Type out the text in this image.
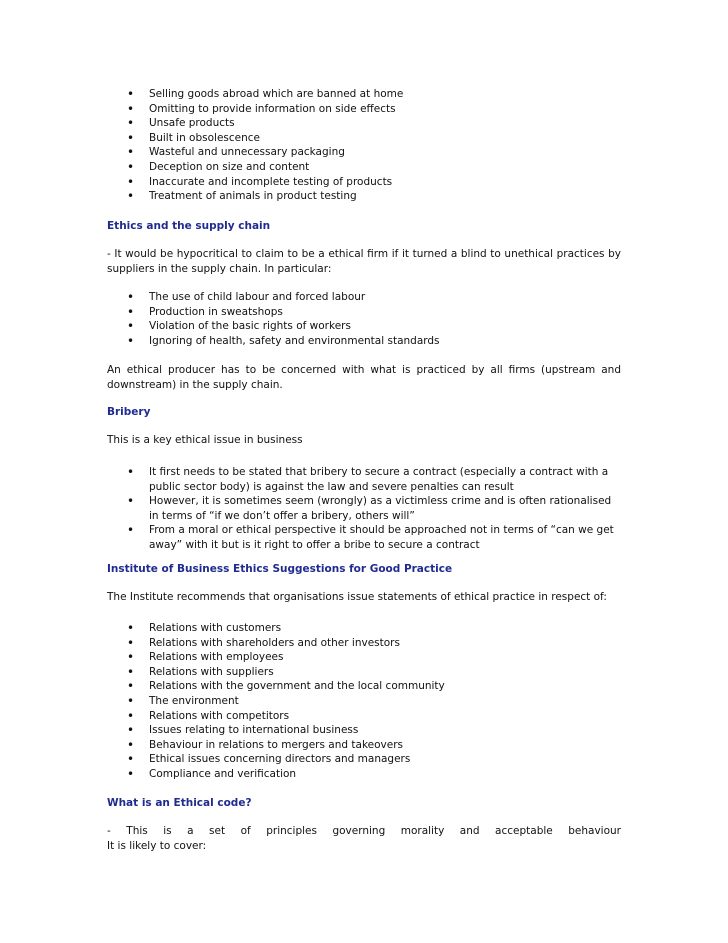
• Selling goods abroad which are banned at home
• Omitting to provide information on side effects
• Unsafe products
• Built in obsolescence
• Wasteful and unnecessary packaging
• Deception on size and content
• Inaccurate and incomplete testing of products
• Treatment of animals in product testing
Ethics and the supply chain

- It would be hypocritical to claim to be a ethical firm if it turned a blind to unethical practices by suppliers in the supply chain. In particular:

• The use of child labour and forced labour
• Production in sweatshops
• Violation of the basic rights of workers
• Ignoring of health, safety and environmental standards

An ethical producer has to be concerned with what is practiced by all firms (upstream and downstream) in the supply chain.

Bribery

This is a key ethical issue in business

• It first needs to be stated that bribery to secure a contract (especially a contract with a public sector body) is against the law and severe penalties can result
• However, it is sometimes seem (wrongly) as a victimless crime and is often rationalised in terms of “if we don’t offer a bribery, others will”
• From a moral or ethical perspective it should be approached not in terms of “can we get away” with it but is it right to offer a bribe to secure a contract
Institute of Business Ethics Suggestions for Good Practice

The Institute recommends that organisations issue statements of ethical practice in respect of:

• Relations with customers
• Relations with shareholders and other investors
• Relations with employees
• Relations with suppliers
• Relations with the government and the local community
• The environment
• Relations with competitors
• Issues relating to international business
• Behaviour in relations to mergers and takeovers
• Ethical issues concerning directors and managers
• Compliance and verification
What is an Ethical code?

- This is a set of principles governing morality and acceptable behaviour

It is likely to cover:
